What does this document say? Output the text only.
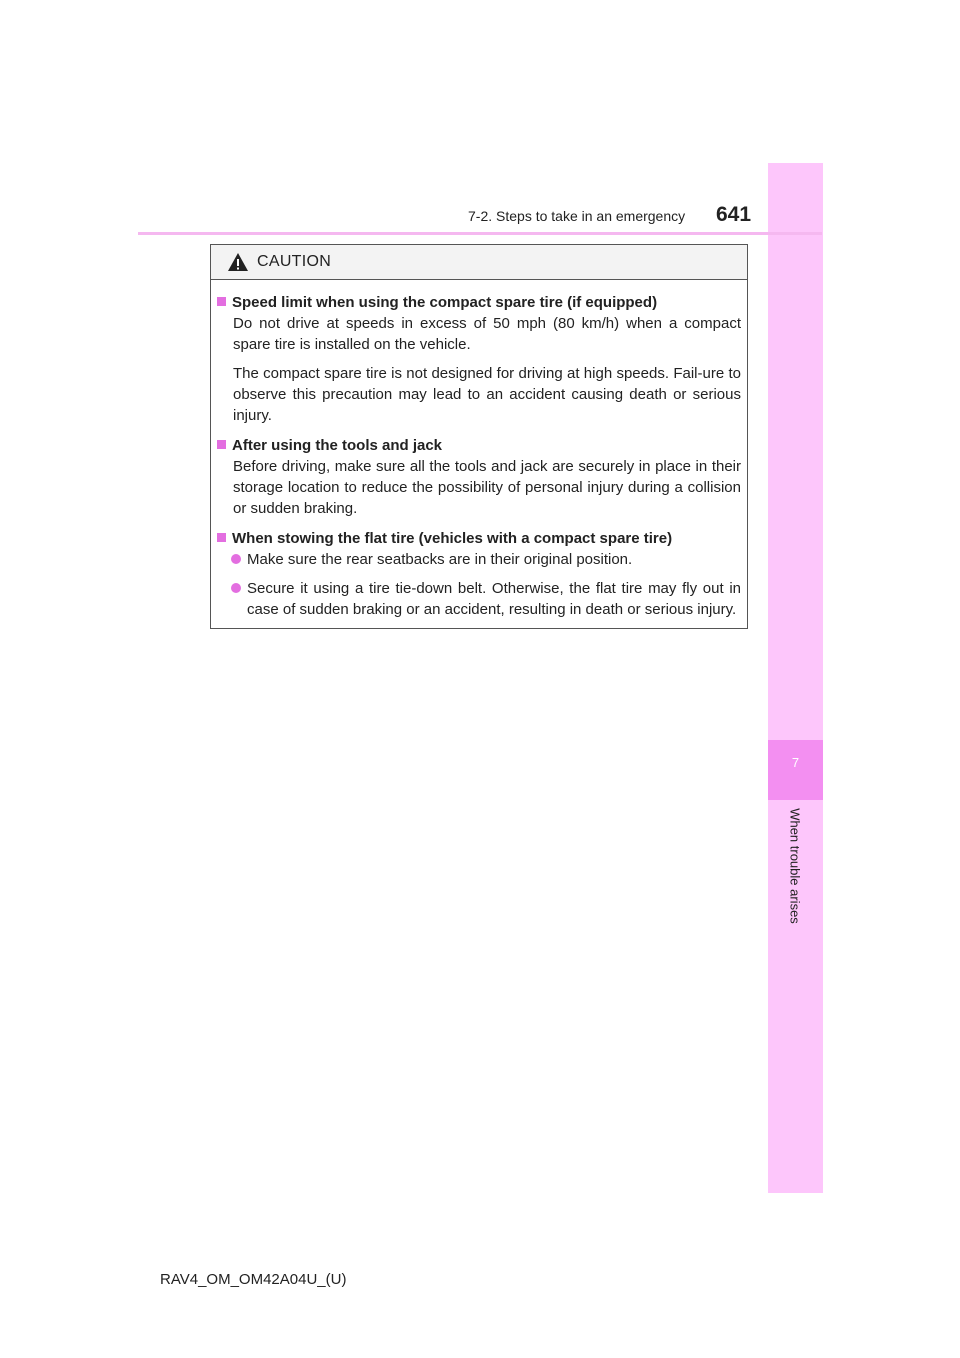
7
When trouble arises
7-2. Steps to take in an emergency 641
CAUTION
Speed limit when using the compact spare tire (if equipped)
Do not drive at speeds in excess of 50 mph (80 km/h) when a compact spare tire is installed on the vehicle.
The compact spare tire is not designed for driving at high speeds. Fail-ure to observe this precaution may lead to an accident causing death or serious injury.
After using the tools and jack
Before driving, make sure all the tools and jack are securely in place in their storage location to reduce the possibility of personal injury during a collision or sudden braking.
When stowing the flat tire (vehicles with a compact spare tire)
Make sure the rear seatbacks are in their original position.
Secure it using a tire tie-down belt. Otherwise, the flat tire may fly out in case of sudden braking or an accident, resulting in death or serious injury.
RAV4_OM_OM42A04U_(U)
